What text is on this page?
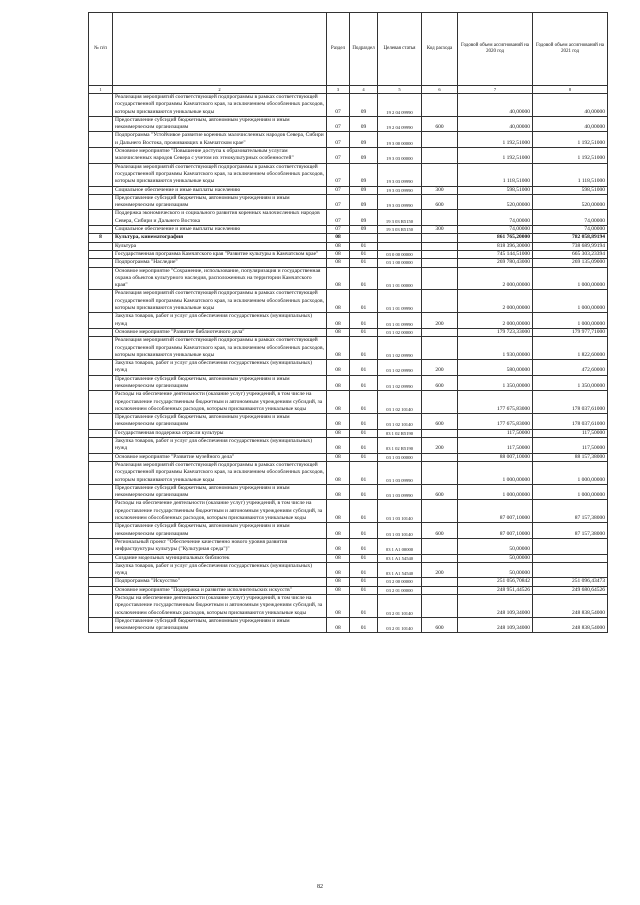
№ п/п		Раздел	Подраздел	Целевая статья	Код расхода	Годовой объем ассигнований на 2020 год	Годовой объем ассигнований на 2021 год
1	2	3	4	5	6	7	8
	Реализация мероприятий соответствующей подпрограммы в рамках соответствующей государственной программы Камчатского края, за исключением обособленных расходов, которым присваиваются уникальные коды	07	09	19 2 04 09990		40,00000	40,00000
	Предоставление субсидий бюджетным, автономным учреждениям и иным некоммерческим организациям	07	09	19 2 04 09990	600	40,00000	40,00000
	Подпрограмма "Устойчивое развитие коренных малочисленных народов Севера, Сибири и Дальнего Востока, проживающих в Камчатском крае"	07	09	19 3 00 00000		1 192,51000	1 192,51000
	Основное мероприятие "Повышение доступа к образовательным услугам малочисленных народов Севера с учетом их этнокультурных особенностей"	07	09	19 3 03 00000		1 192,51000	1 192,51000
	Реализация мероприятий соответствующей подпрограммы в рамках соответствующей государственной программы Камчатского края, за исключением обособленных расходов, которым присваиваются уникальные коды	07	09	19 3 03 09990		1 118,51000	1 118,51000
	Социальное обеспечение и иные выплаты населению	07	09	19 3 03 09990	300	598,51000	598,51000
	Предоставление субсидий бюджетным, автономным учреждениям и иным некоммерческим организациям	07	09	19 3 03 09990	600	520,00000	520,00000
	Поддержка экономического и социального развития коренных малочисленных народов Севера, Сибири и Дальнего Востока	07	09	19 3 03 R5150		74,00000	74,00000
	Социальное обеспечение и иные выплаты населению	07	09	19 3 03 R5150	300	74,00000	74,00000
8	Культура, кинематография	08				861 765,20000	782 058,89194
	Культура	08	01			818 396,30000	738 689,99194
	Государственная программа Камчатского края "Развитие культуры в Камчатском крае"	08	01	03 0 00 00000		745 144,51000	665 303,23394
	Подпрограмма "Наследие"	08	01	03 1 00 00000		269 780,43000	269 135,09000
	Основное мероприятие "Сохранение, использование, популяризация и государственная охрана объектов культурного наследия, расположенных на территории Камчатского края"	08	01	03 1 01 00000		2 000,00000	1 000,00000
	Реализация мероприятий соответствующей подпрограммы в рамках соответствующей государственной программы Камчатского края, за исключением обособленных расходов, которым присваиваются уникальные коды	08	01	03 1 01 09990		2 000,00000	1 000,00000
	Закупка товаров, работ и услуг для обеспечения государственных (муниципальных) нужд	08	01	03 1 01 09990	200	2 000,00000	1 000,00000
	Основное мероприятие "Развитие библиотечного дела"	08	01	03 1 02 00000		179 723,33000	179 977,71000
	Реализация мероприятий соответствующей подпрограммы в рамках соответствующей государственной программы Камчатского края, за исключением обособленных расходов, которым присваиваются уникальные коды	08	01	03 1 02 09990		1 930,00000	1 822,60000
	Закупка товаров, работ и услуг для обеспечения государственных (муниципальных) нужд	08	01	03 1 02 09990	200	580,00000	472,60000
	Предоставление субсидий бюджетным, автономным учреждениям и иным некоммерческим организациям	08	01	03 1 02 09990	600	1 350,00000	1 350,00000
	Расходы на обеспечение деятельности (оказание услуг) учреждений, в том числе на предоставление государственным бюджетным и автономным учреждениям субсидий, за исключением обособленных расходов, которым присваиваются уникальные коды	08	01	03 1 02 10140		177 675,83000	178 037,61000
	Предоставление субсидий бюджетным, автономным учреждениям и иным некоммерческим организациям	08	01	03 1 02 10140	600	177 675,83000	178 037,61000
	Государственная поддержка отрасли культуры	08	01	03 1 02 R5190		117,50000	117,50000
	Закупка товаров, работ и услуг для обеспечения государственных (муниципальных) нужд	08	01	03 1 02 R5190	200	117,50000	117,50000
	Основное мероприятие "Развитие музейного дела"	08	01	03 1 03 00000		88 007,10000	88 157,38000
	Реализация мероприятий соответствующей подпрограммы в рамках соответствующей государственной программы Камчатского края, за исключением обособленных расходов, которым присваиваются уникальные коды	08	01	03 1 03 09990		1 000,00000	1 000,00000
	Предоставление субсидий бюджетным, автономным учреждениям и иным некоммерческим организациям	08	01	03 1 03 09990	600	1 000,00000	1 000,00000
	Расходы на обеспечение деятельности (оказание услуг) учреждений, в том числе на предоставление государственным бюджетным и автономным учреждениям субсидий, за исключением обособленных расходов, которым присваиваются уникальные коды	08	01	03 1 03 10140		87 007,10000	87 157,38000
	Предоставление субсидий бюджетным, автономным учреждениям и иным некоммерческим организациям	08	01	03 1 03 10140	600	87 007,10000	87 157,38000
	Региональный проект "Обеспечение качественно нового уровня развития инфраструктуры культуры ("Культурная среда")"	08	01	03 1 A1 00000		50,00000	
	Создание модельных муниципальных библиотек	08	01	03 1 A1 54540		50,00000	
	Закупка товаров, работ и услуг для обеспечения государственных (муниципальных) нужд	08	01	03 1 A1 54540	200	50,00000	
	Подпрограмма "Искусство"	08	01	03 2 00 00000		251 056,70842	251 096,43473
	Основное мероприятие "Поддержка и развитие исполнительских искусств"	08	01	03 2 01 00000		248 951,44526	249 680,64526
	Расходы на обеспечение деятельности (оказание услуг) учреждений, в том числе на предоставление государственным бюджетным и автономным учреждениям субсидий, за исключением обособленных расходов, которым присваиваются уникальные коды	08	01	03 2 01 10140		248 109,34000	248 838,54000
	Предоставление субсидий бюджетным, автономным учреждениям и иным некоммерческим организациям	08	01	03 2 01 10140	600	248 109,34000	248 838,54000
82
